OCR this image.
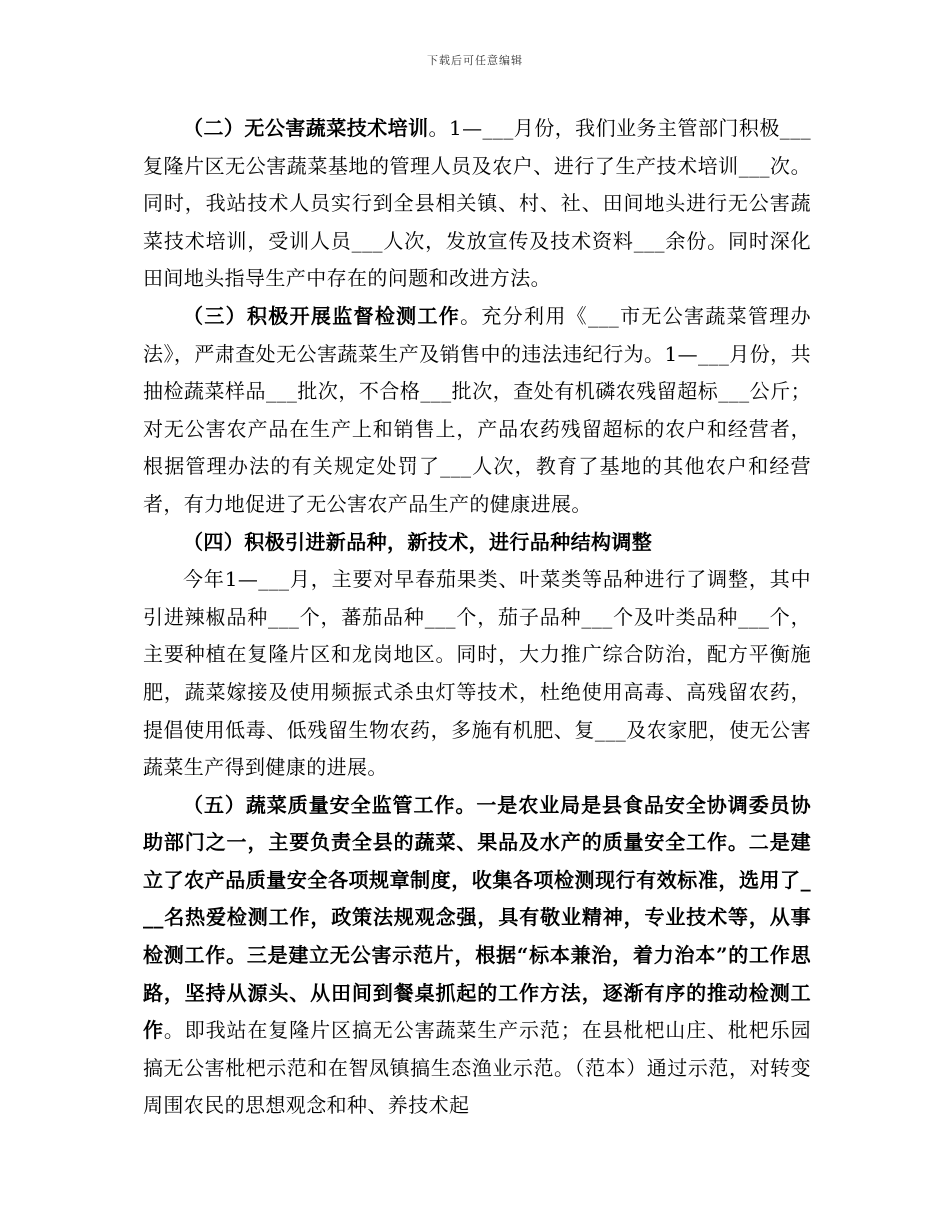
下载后可任意编辑

（二）无公害蔬菜技术培训。1—___月份，我们业务主管部门积极___复隆片区无公害蔬菜基地的管理人员及农户、进行了生产技术培训___次。同时，我站技术人员实行到全县相关镇、村、社、田间地头进行无公害蔬菜技术培训，受训人员___人次，发放宣传及技术资料___余份。同时深化田间地头指导生产中存在的问题和改进方法。

（三）积极开展监督检测工作。充分利用《___市无公害蔬菜管理办法》，严肃查处无公害蔬菜生产及销售中的违法违纪行为。1—___月份，共抽检蔬菜样品___批次，不合格___批次，查处有机磷农残留超标___公斤；对无公害农产品在生产上和销售上，产品农药残留超标的农户和经营者，根据管理办法的有关规定处罚了___人次，教育了基地的其他农户和经营者，有力地促进了无公害农产品生产的健康进展。

（四）积极引进新品种，新技术，进行品种结构调整

今年1—___月，主要对早春茄果类、叶菜类等品种进行了调整，其中引进辣椒品种___个，蕃茄品种___个，茄子品种___个及叶类品种___个，主要种植在复隆片区和龙岗地区。同时，大力推广综合防治，配方平衡施肥，蔬菜嫁接及使用频振式杀虫灯等技术，杜绝使用高毒、高残留农药，提倡使用低毒、低残留生物农药，多施有机肥、复___及农家肥，使无公害蔬菜生产得到健康的进展。

（五）蔬菜质量安全监管工作。一是农业局是县食品安全协调委员协助部门之一，主要负责全县的蔬菜、果品及水产的质量安全工作。二是建立了农产品质量安全各项规章制度，收集各项检测现行有效标准，选用了___名热爱检测工作，政策法规观念强，具有敬业精神，专业技术等，从事检测工作。三是建立无公害示范片，根据“标本兼治，着力治本”的工作思路，坚持从源头、从田间到餐桌抓起的工作方法，逐渐有序的推动检测工作。即我站在复隆片区搞无公害蔬菜生产示范；在县枇杷山庄、枇杷乐园搞无公害枇杷示范和在智凤镇搞生态渔业示范。（范本）通过示范，对转变周围农民的思想观念和种、养技术起
